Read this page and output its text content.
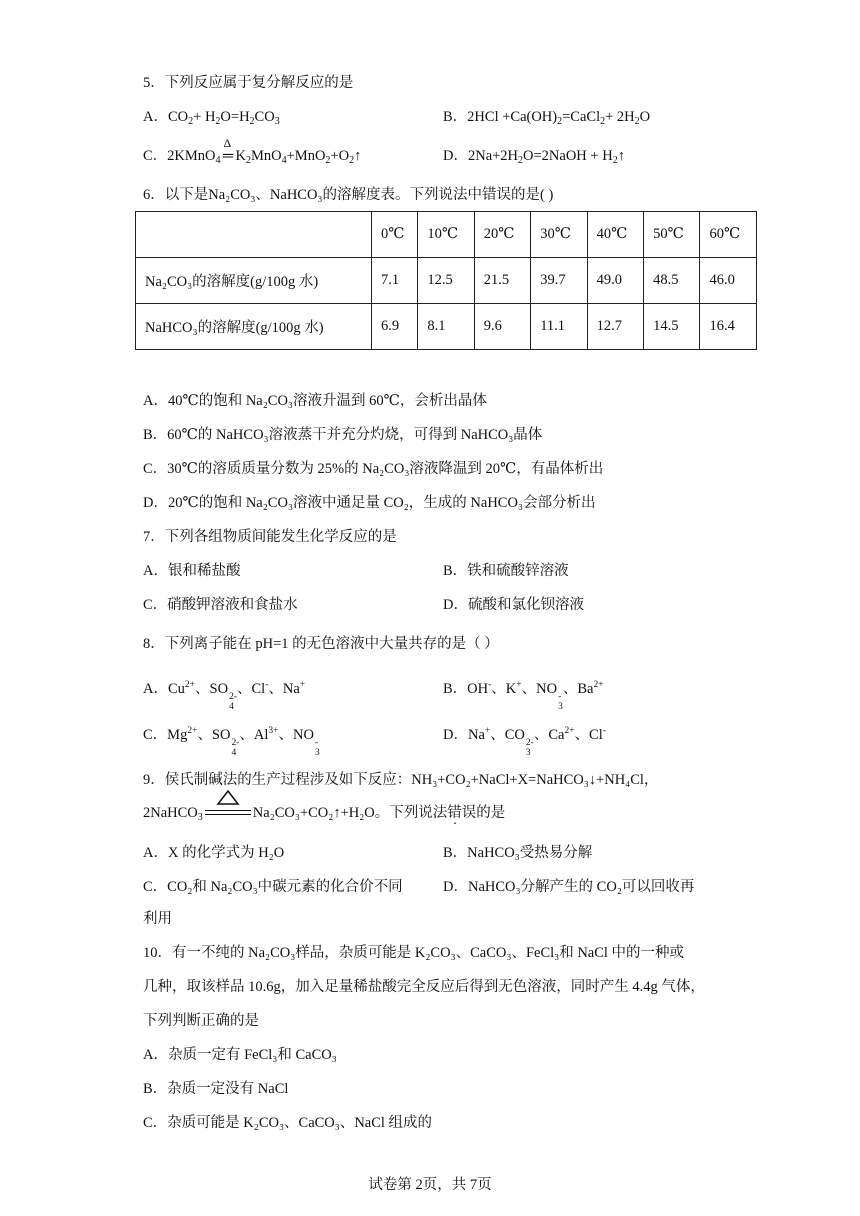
5．下列反应属于复分解反应的是
A．$CO_2+ H_2O=H_2CO_3$	B．$2HCl +Ca(OH)_2=CaCl_2+ 2H_2O$
C．2KMnO$_4$
Δ
═ $K_2MnO_4+MnO_2+O_2↑$	D．$2Na+2H_2O=2NaOH$ + $H_2↑$
6．以下是Na₂CO₃、NaHCO₃的溶解度表。下列说法中错误的是( )
	0℃	10℃	20℃	30℃	40℃	50℃	60℃
Na₂CO₃的溶解度(g/100g 水)	7.1	12.5	21.5	39.7	49.0	48.5	46.0
NaHCO₃的溶解度(g/100g 水)	6.9	8.1	9.6	11.1	12.7	14.5	16.4
A．40℃的饱和 Na₂CO₃溶液升温到 60℃，会析出晶体
B．60℃的 NaHCO₃溶液蒸干并充分灼烧，可得到 NaHCO₃晶体
C．30℃的溶质质量分数为 25%的 Na₂CO₃溶液降温到 20℃，有晶体析出
D．20℃的饱和 Na₂CO₃溶液中通足量 CO₂，生成的 NaHCO₃会部分析出
7．下列各组物质间能发生化学反应的是
A．银和稀盐酸	B．铁和硫酸锌溶液
C．硝酸钾溶液和食盐水	D．硫酸和氯化钡溶液
8．下列离子能在 pH=1 的无色溶液中大量共存的是（ ）
A．$Cu^{2+}$、SO 2-
4
、Cl-、Na+	B．OH-、K+、NO -
3
、$Ba^{2+}$
C．$Mg^{2+}$、SO 2-
4
、$Al^{3+}$、NO -
3
D．Na+、CO 2-
3
、$Ca^{2+}$、Cl-
9．侯氏制碱法的生产过程涉及如下反应：NH₃+CO₂+NaCl+X=NaHCO₃↓+NH₄Cl，
2NaHCO$_3$	Na₂CO₃+CO₂↑+H₂O。下列说法错误的是
A．X 的化学式为 H₂O	B．NaHCO₃受热易分解
C．CO₂和 Na₂CO₃中碳元素的化合价不同	D．NaHCO₃分解产生的 CO₂可以回收再
利用
10．有一不纯的 Na₂CO₃样品，杂质可能是 K₂CO₃、CaCO₃、FeCl₃和 NaCl 中的一种或
几种，取该样品 10.6g，加入足量稀盐酸完全反应后得到无色溶液，同时产生 4.4g 气体，
下列判断正确的是
A．杂质一定有 FeCl₃和 CaCO₃
B．杂质一定没有 NaCl
C．杂质可能是 K₂CO₃、CaCO₃、NaCl 组成的
试卷第 2页，共 7页
